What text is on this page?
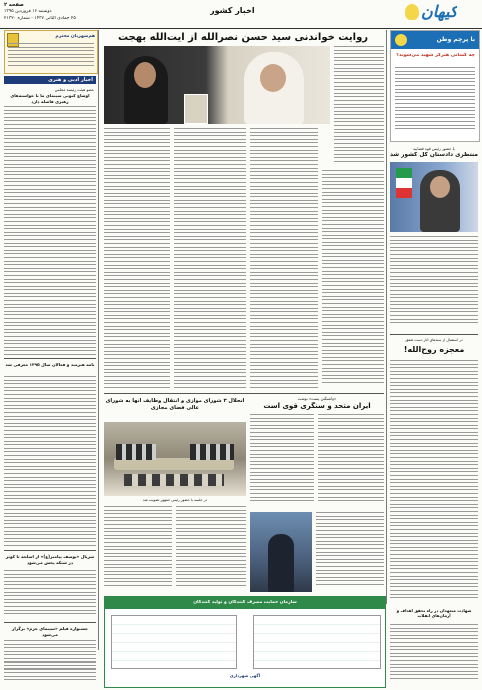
صفحه ۲
دوشنبه ۱۶ فروردین ۱۳۹۵
۲۵ جمادی الثانی ۱۴۳۷ - شماره ۲۱۳۲۰
اخبار کشور	کیهان
هم‌شهریان محترم
اخبار ادبی و هنری
عضو هیئت رئیسه مجلس
اوضاع کنونی سینمای ما با خواسته‌های رهبری فاصله دارد
نامه هنرمند و فعالان سال ۱۳۹۵ معرفی شد
سریال «یوسف پیامبر(ع)» از اسلحه تا کوثر در شبکه پخش می‌شود
جشنواره فیلم «سینمای خرم» برگزار می‌شود
روایت خواندنی سید حسن نصرالله از آیت‌الله بهجت
«واشنگتن پست» نوشت
ایران متحد و سنگری قوی است
انحلال ۳ شورای موازی و انتقال وظایف آنها به شورای عالی فضای مجازی
در جلسه با حضور رئیس جمهور تصویب شد
با پرچم وطن
چه کسانی هنرگر شهید می‌شوند؟
با حضور رئیس قوه قضاییه
منتظری دادستان کل کشور شد
در استقبال از سند‌های آثار دست شفق
معجزه روح‌الله!
سازمان حمایت مصرف کنندگان و تولید کنندگان
آگهی شهرداری
شهادت متعهدان در راه تحقق اهداف و آرمان‌های انقلاب
